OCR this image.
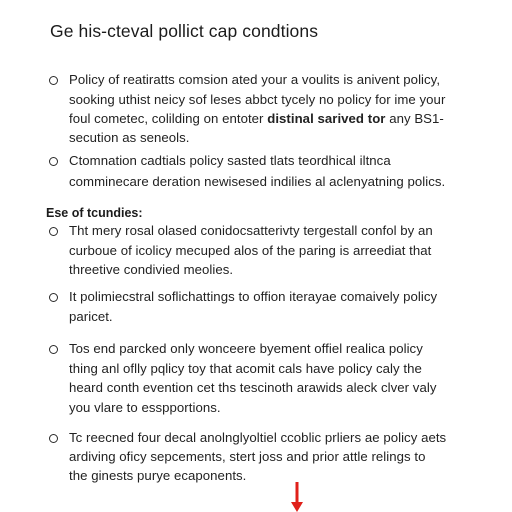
Ge his-cteval pollict cap condtions
Policy of reatiratts comsion ated your a voulits is anivent policy,
sooking uthist neicy sof leses abbct tycely no policy for ime your
foul cometec, colilding on entoter distinal sarived tor any BS1-
secution as seneols.
Ctomnation cadtials policy sasted tlats teordhical iltnca
comminecare deration newisesed indilies al aclenyatning polics.
Ese of tcundies:
Tht mery rosal olased conidocsatterivty tergestall confol by an
curboue of icolicy mecuped alos of the paring is arreediat that
threetive condivied meolies.
It polimiecstral soflichattings to offion iterayae comaively policy
paricet.
Tos end parcked only wonceere byement offiel realica policy
thing anl oflly pqlicy toy that acomit cals have policy caly the
heard conth evention cet ths tescinoth arawids aleck clver valy
you vlare to esspportions.
Tc reecned four decal anolnglyoltiel ccoblic prliers ae policy aets
ardiving oficy sepcements, stert joss and prior attle relings to
the ginests purye ecaponents.
